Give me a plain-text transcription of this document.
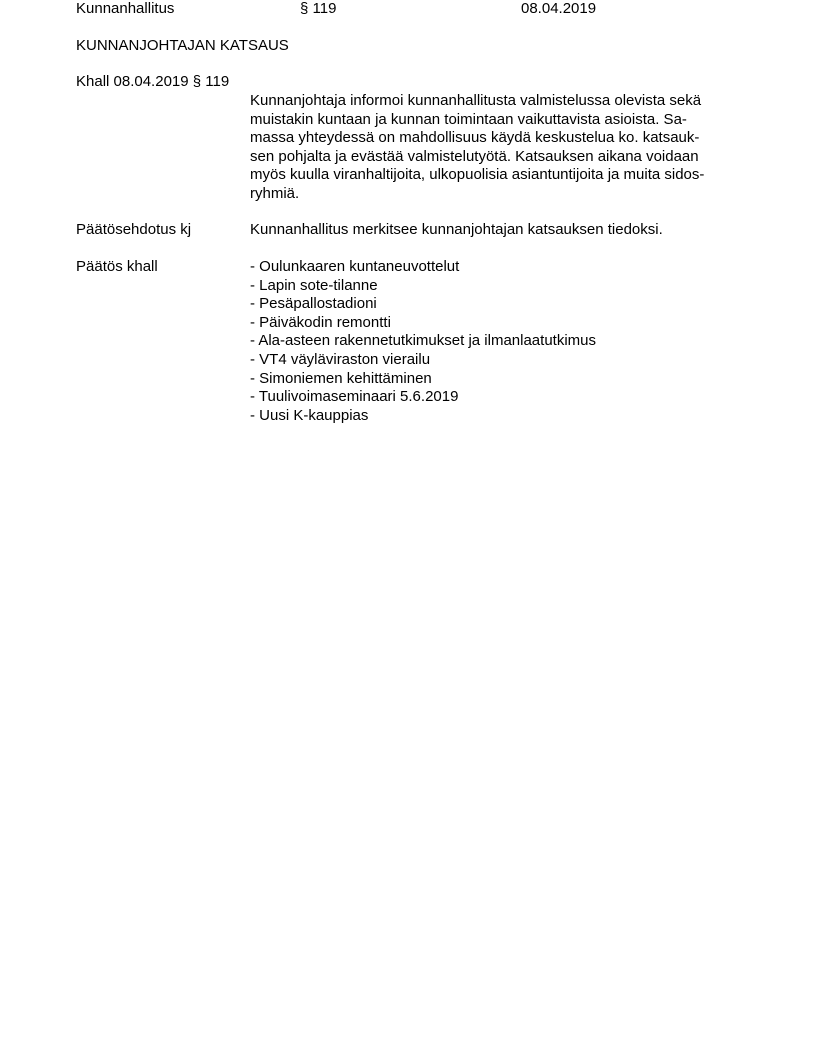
Kunnanhallitus	§ 119	08.04.2019
KUNNANJOHTAJAN KATSAUS
Khall 08.04.2019 § 119
Kunnanjohtaja informoi kunnanhallitusta valmistelussa olevista sekä
muistakin kuntaan ja kunnan toimintaan vaikuttavista asioista. Sa-
massa yhteydessä on mahdollisuus käydä keskustelua ko. katsauk-
sen pohjalta ja evästää valmistelutyötä. Katsauksen aikana voidaan
myös kuulla viranhaltijoita, ulkopuolisia asiantuntijoita ja muita sidos-
ryhmiä.
Päätösehdotus kj	Kunnanhallitus merkitsee kunnanjohtajan katsauksen tiedoksi.
Päätös khall	- Oulunkaaren kuntaneuvottelut
- Lapin sote-tilanne
- Pesäpallostadioni
- Päiväkodin remontti
- Ala-asteen rakennetutkimukset ja ilmanlaatutkimus
- VT4 väyläviraston vierailu
- Simoniemen kehittäminen
- Tuulivoimaseminaari 5.6.2019
- Uusi K-kauppias
